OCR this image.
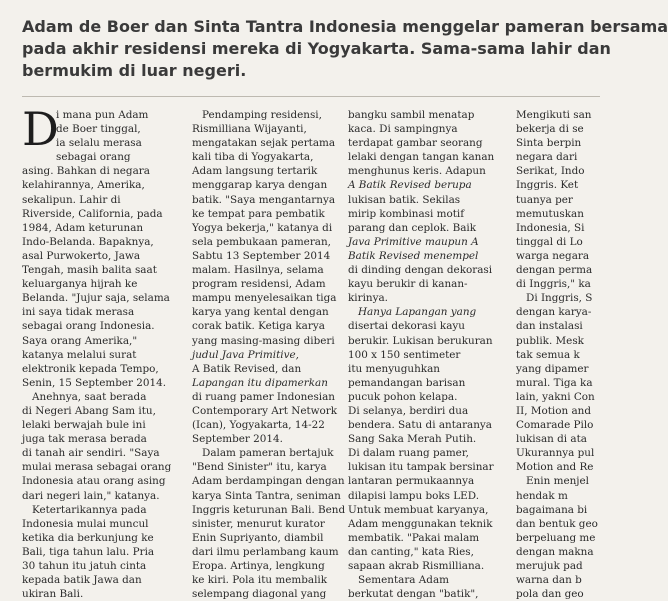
Adam de Boer dan Sinta Tantra Indonesia menggelar pameran bersama
pada akhir residensi mereka di Yogyakarta. Sama-sama lahir dan
bermukim di luar negeri.
D
i mana pun Adam
de Boer tinggal,
ia selalu merasa
sebagai orang
asing. Bahkan di negara
kelahirannya, Amerika,
sekalipun. Lahir di
Riverside, California, pada
1984, Adam keturunan
Indo-Belanda. Bapaknya,
asal Purwokerto, Jawa
Tengah, masih balita saat
keluarganya hijrah ke
Belanda. "Jujur saja, selama
ini saya tidak merasa
sebagai orang Indonesia.
Saya orang Amerika,"
katanya melalui surat
elektronik kepada Tempo,
Senin, 15 September 2014.
Anehnya, saat berada
di Negeri Abang Sam itu,
lelaki berwajah bule ini
juga tak merasa berada
di tanah air sendiri. "Saya
mulai merasa sebagai orang
Indonesia atau orang asing
dari negeri lain," katanya.
Ketertarikannya pada
Indonesia mulai muncul
ketika dia berkunjung ke
Bali, tiga tahun lalu. Pria
30 tahun itu jatuh cinta
kepada batik Jawa dan
ukiran Bali.
Pendamping residensi,
Rismilliana Wijayanti,
mengatakan sejak pertama
kali tiba di Yogyakarta,
Adam langsung tertarik
menggarap karya dengan
batik. "Saya mengantarnya
ke tempat para pembatik
Yogya bekerja," katanya di
sela pembukaan pameran,
Sabtu 13 September 2014
malam. Hasilnya, selama
program residensi, Adam
mampu menyelesaikan tiga
karya yang kental dengan
corak batik. Ketiga karya
yang masing-masing diberi
judul Java Primitive,
A Batik Revised, dan
Lapangan itu dipamerkan
di ruang pamer Indonesian
Contemporary Art Network
(Ican), Yogyakarta, 14-22
September 2014.
Dalam pameran bertajuk
"Bend Sinister" itu, karya
Adam berdampingan dengan
karya Sinta Tantra, seniman
Inggris keturunan Bali. Bend
sinister, menurut kurator
Enin Supriyanto, diambil
dari ilmu perlambang kaum
Eropa. Artinya, lengkung
ke kiri. Pola itu membalik
selempang diagonal yang
bangku sambil menatap
kaca. Di sampingnya
terdapat gambar seorang
lelaki dengan tangan kanan
menghunus keris. Adapun
A Batik Revised berupa
lukisan batik. Sekilas
mirip kombinasi motif
parang dan ceplok. Baik
Java Primitive maupun A
Batik Revised menempel
di dinding dengan dekorasi
kayu berukir di kanan-
kirinya.
Hanya Lapangan yang
disertai dekorasi kayu
berukir. Lukisan berukuran
100 x 150 sentimeter
itu menyuguhkan
pemandangan barisan
pucuk pohon kelapa.
Di selanya, berdiri dua
bendera. Satu di antaranya
Sang Saka Merah Putih.
Di dalam ruang pamer,
lukisan itu tampak bersinar
lantaran permukaannya
dilapisi lampu boks LED.
Untuk membuat karyanya,
Adam menggunakan teknik
membatik. "Pakai malam
dan canting," kata Ries,
sapaan akrab Rismilliana.
Sementara Adam
berkutat dengan "batik",
Mengikuti san
bekerja di se
Sinta berpin
negara dari
Serikat, Indo
Inggris. Ket
tuanya per
memutuskan
Indonesia, Si
tinggal di Lo
warga negara
dengan perma
di Inggris," ka
Di Inggris, S
dengan karya-
dan instalasi
publik. Mesk
tak semua k
yang dipamer
mural. Tiga ka
lain, yakni Con
II, Motion and
Comarade Pilo
lukisan di ata
Ukurannya pul
Motion and Re
Enin menjel
hendak m
bagaimana bi
dan bentuk geo
berpeluang me
dengan makna
merujuk pad
warna dan b
pola dan geo
